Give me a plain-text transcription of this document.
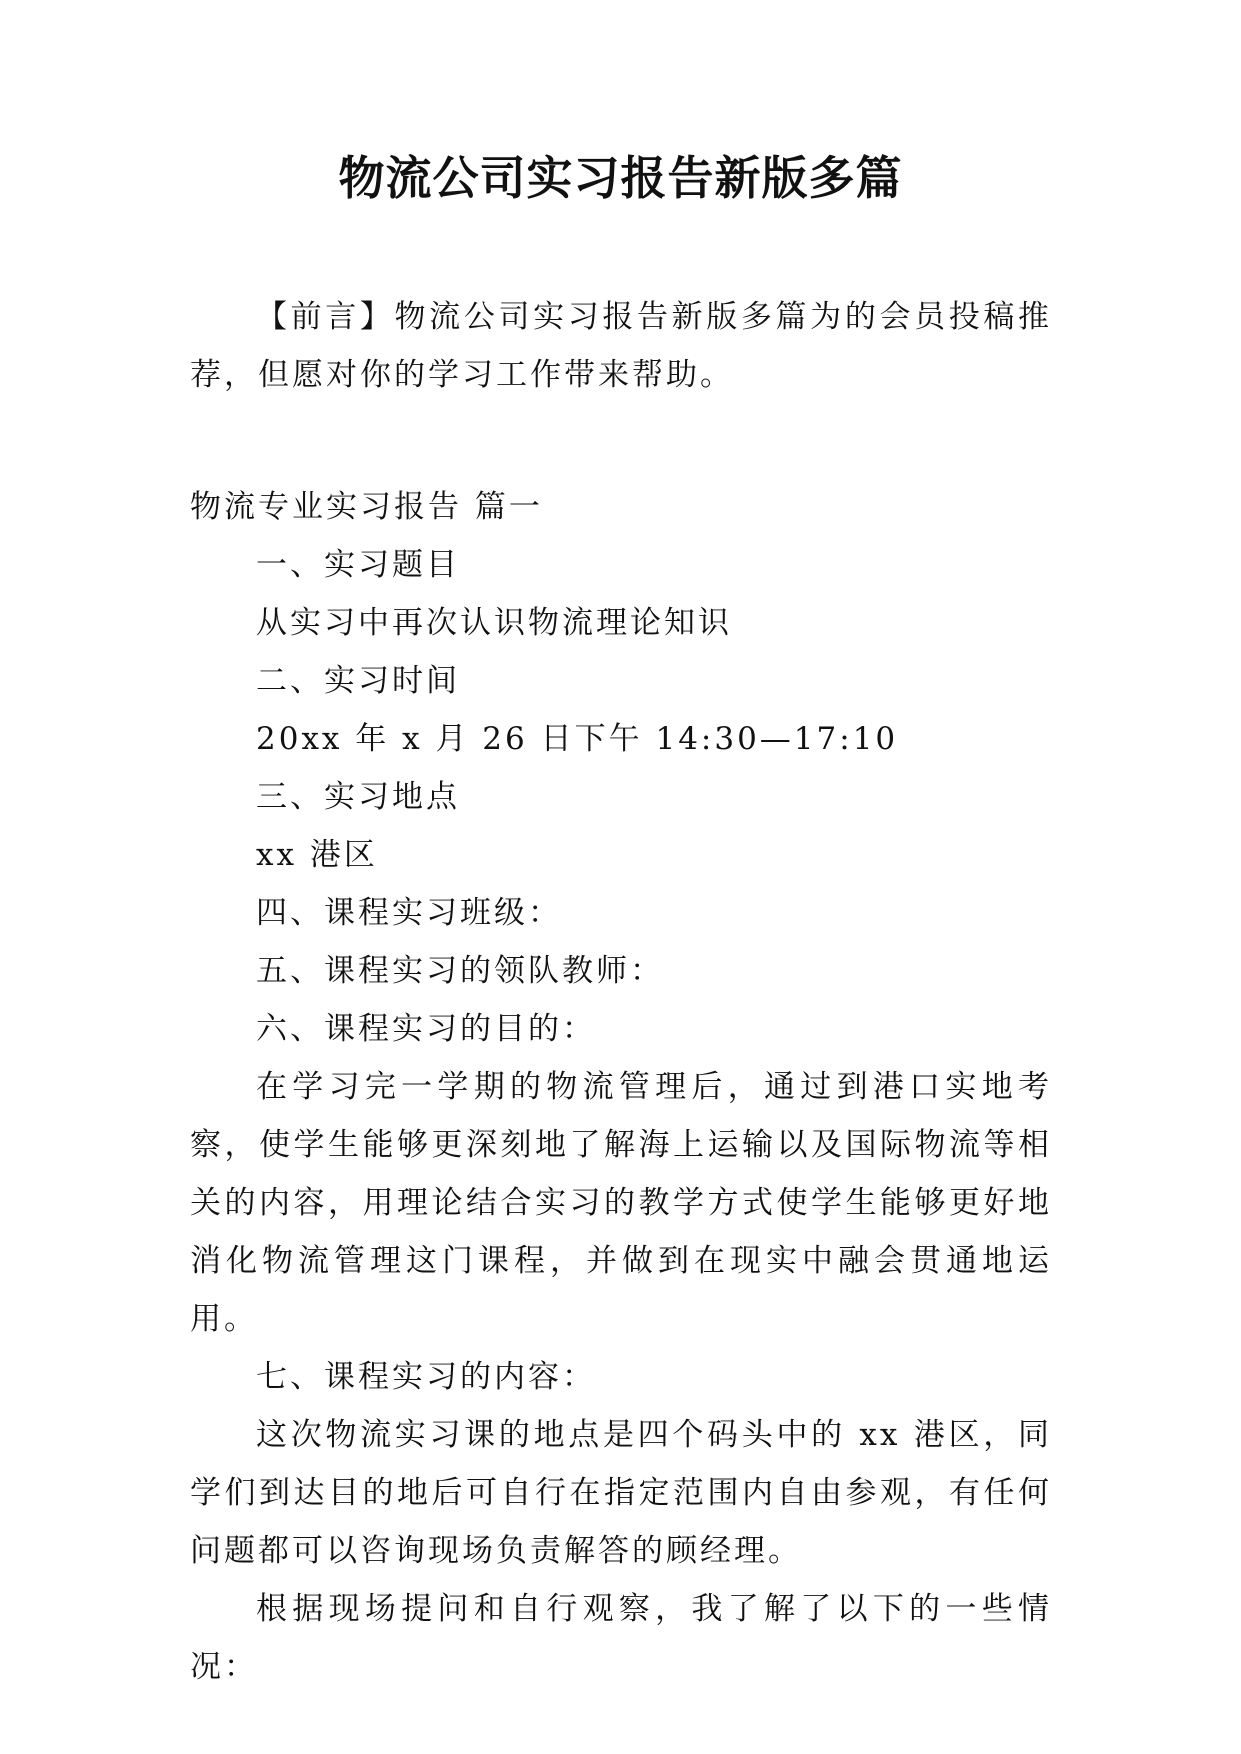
物流公司实习报告新版多篇

【前言】物流公司实习报告新版多篇为的会员投稿推荐，但愿对你的学习工作带来帮助。

物流专业实习报告 篇一

一、实习题目

从实习中再次认识物流理论知识

二、实习时间

20xx 年 x 月 26 日下午 14:30—17:10

三、实习地点

xx 港区

四、课程实习班级：

五、课程实习的领队教师：

六、课程实习的目的：

在学习完一学期的物流管理后，通过到港口实地考察，使学生能够更深刻地了解海上运输以及国际物流等相关的内容，用理论结合实习的教学方式使学生能够更好地消化物流管理这门课程，并做到在现实中融会贯通地运用。

七、课程实习的内容：

这次物流实习课的地点是四个码头中的 xx 港区，同学们到达目的地后可自行在指定范围内自由参观，有任何问题都可以咨询现场负责解答的顾经理。

根据现场提问和自行观察，我了解了以下的一些情况：
